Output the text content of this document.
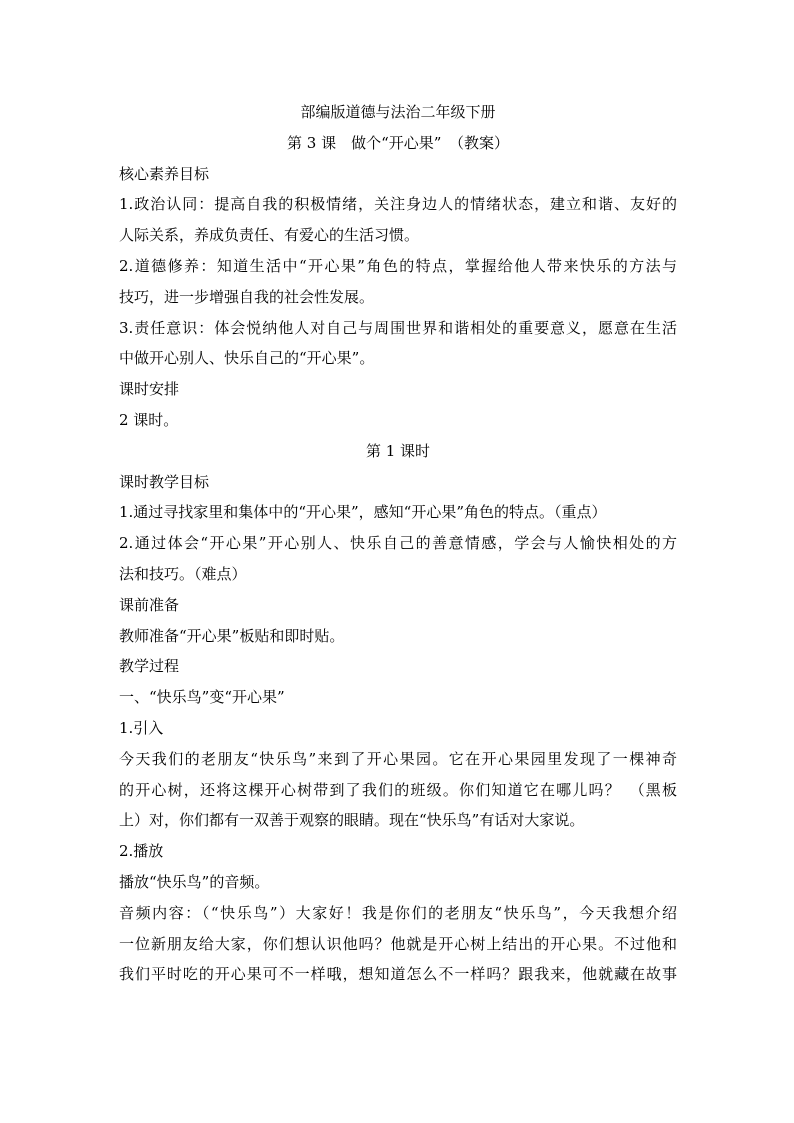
部编版道德与法治二年级下册
第 3 课　做个“开心果”　（教案）
核心素养目标
1.政治认同：提高自我的积极情绪，关注身边人的情绪状态，建立和谐、友好的
人际关系，养成负责任、有爱心的生活习惯。
2.道德修养：知道生活中“开心果”角色的特点，掌握给他人带来快乐的方法与
技巧，进一步增强自我的社会性发展。
3.责任意识：体会悦纳他人对自己与周围世界和谐相处的重要意义，愿意在生活
中做开心别人、快乐自己的“开心果”。
课时安排
2 课时。
第 1 课时
课时教学目标
1.通过寻找家里和集体中的“开心果”，感知“开心果”角色的特点。（重点）
2.通过体会“开心果”开心别人、快乐自己的善意情感，学会与人愉快相处的方
法和技巧。（难点）
课前准备
教师准备“开心果”板贴和即时贴。
教学过程
一、“快乐鸟”变“开心果”
1.引入
今天我们的老朋友“快乐鸟”来到了开心果园。它在开心果园里发现了一棵神奇
的开心树，还将这棵开心树带到了我们的班级。你们知道它在哪儿吗？　（黑板
上）对，你们都有一双善于观察的眼睛。现在“快乐鸟”有话对大家说。
2.播放
播放“快乐鸟”的音频。
音频内容：（“快乐鸟”）大家好！我是你们的老朋友“快乐鸟”，今天我想介绍
一位新朋友给大家，你们想认识他吗？他就是开心树上结出的开心果。不过他和
我们平时吃的开心果可不一样哦，想知道怎么不一样吗？跟我来，他就藏在故事
